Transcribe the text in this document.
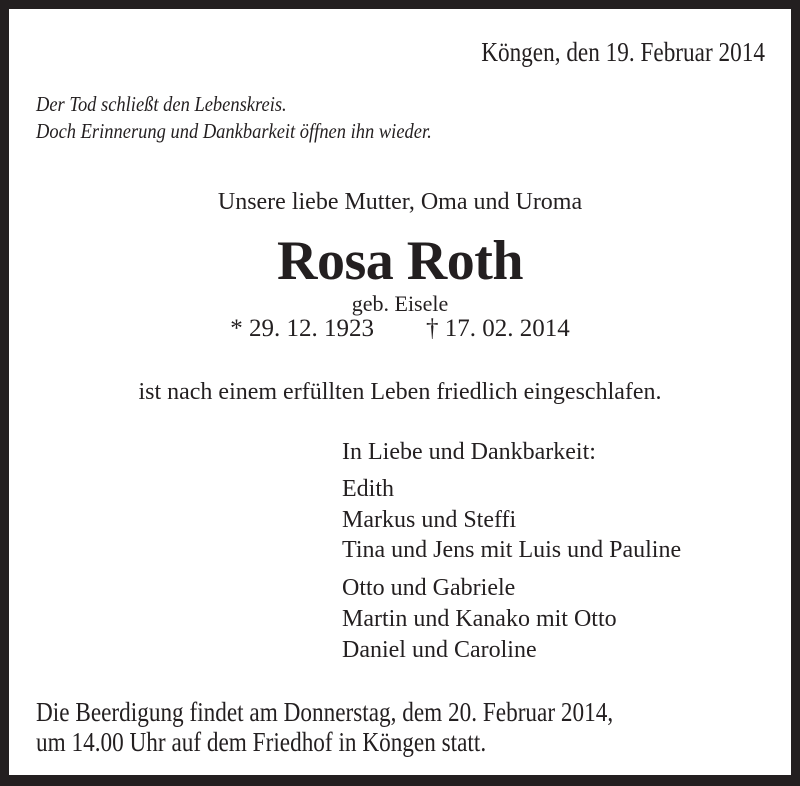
Köngen, den 19. Februar 2014
Der Tod schließt den Lebenskreis.
Doch Erinnerung und Dankbarkeit öffnen ihn wieder.
Unsere liebe Mutter, Oma und Uroma
Rosa Roth
geb. Eisele
* 29. 12. 1923 † 17. 02. 2014
ist nach einem erfüllten Leben friedlich eingeschlafen.
In Liebe und Dankbarkeit:
Edith
Markus und Steffi
Tina und Jens mit Luis und Pauline
Otto und Gabriele
Martin und Kanako mit Otto
Daniel und Caroline
Die Beerdigung findet am Donnerstag, dem 20. Februar 2014,
um 14.00 Uhr auf dem Friedhof in Köngen statt.
